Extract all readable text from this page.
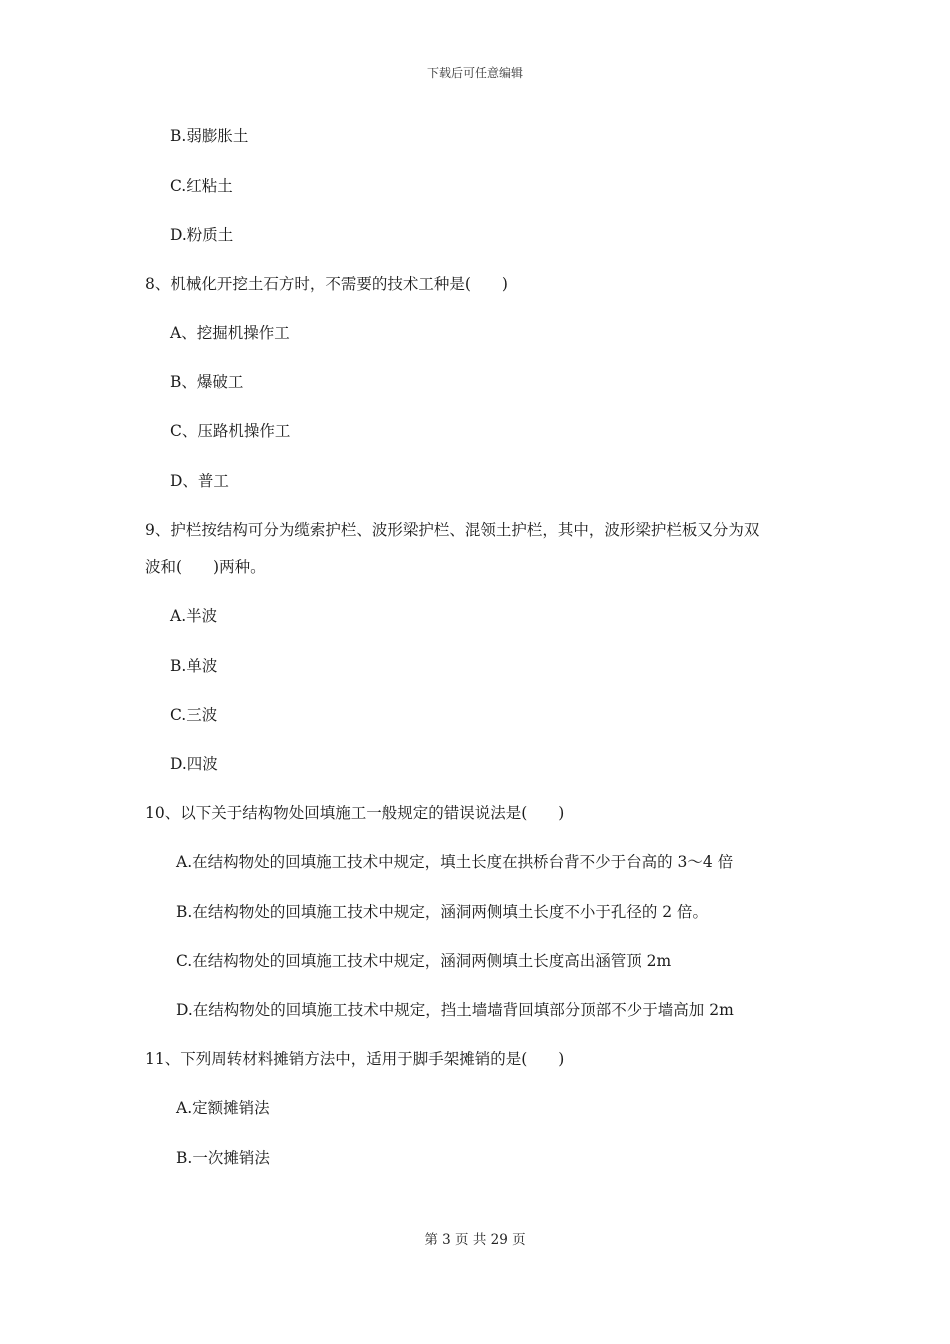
下载后可任意编辑
B.弱膨胀土
C.红粘土
D.粉质土
8、机械化开挖土石方时，不需要的技术工种是(　　)
A、挖掘机操作工
B、爆破工
C、压路机操作工
D、普工
9、护栏按结构可分为缆索护栏、波形梁护栏、混领土护栏，其中，波形梁护栏板又分为双
波和(　　)两种。
A.半波
B.单波
C.三波
D.四波
10、以下关于结构物处回填施工一般规定的错误说法是(　　)
A.在结构物处的回填施工技术中规定，填土长度在拱桥台背不少于台高的 3～4 倍
B.在结构物处的回填施工技术中规定，涵洞两侧填土长度不小于孔径的 2 倍。
C.在结构物处的回填施工技术中规定，涵洞两侧填土长度高出涵管顶 2m
D.在结构物处的回填施工技术中规定，挡土墙墙背回填部分顶部不少于墙高加 2m
11、下列周转材料摊销方法中，适用于脚手架摊销的是(　　)
A.定额摊销法
B.一次摊销法
第 3 页 共 29 页
